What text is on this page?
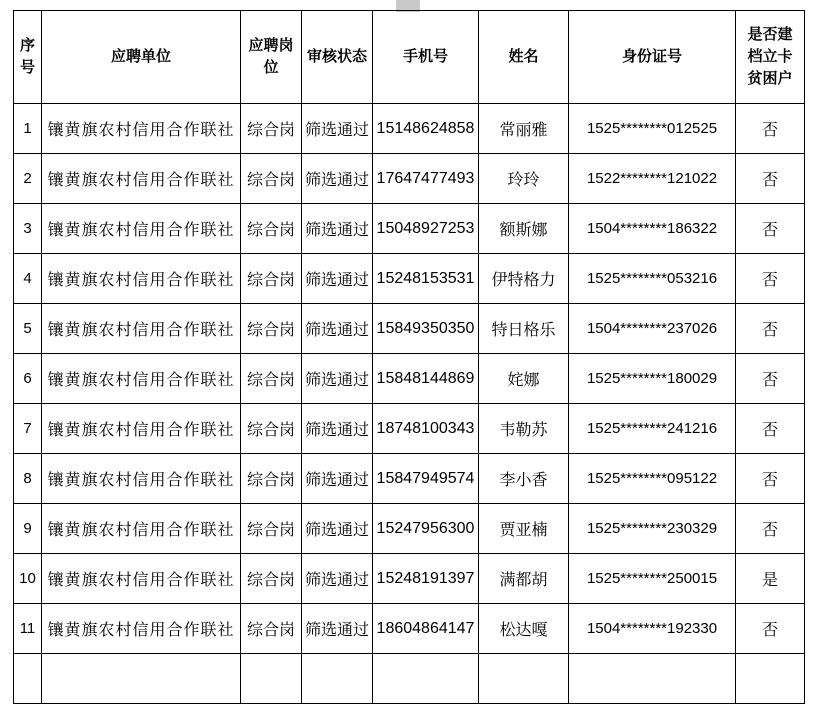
序号	应聘单位	应聘岗位	审核状态	手机号	姓名	身份证号	是否建档立卡贫困户
1	镶黄旗农村信用合作联社	综合岗	筛选通过	15148624858	常丽雅	1525********012525	否
2	镶黄旗农村信用合作联社	综合岗	筛选通过	17647477493	玲玲	1522********121022	否
3	镶黄旗农村信用合作联社	综合岗	筛选通过	15048927253	额斯娜	1504********186322	否
4	镶黄旗农村信用合作联社	综合岗	筛选通过	15248153531	伊特格力	1525********053216	否
5	镶黄旗农村信用合作联社	综合岗	筛选通过	15849350350	特日格乐	1504********237026	否
6	镶黄旗农村信用合作联社	综合岗	筛选通过	15848144869	姹娜	1525********180029	否
7	镶黄旗农村信用合作联社	综合岗	筛选通过	18748100343	韦勒苏	1525********241216	否
8	镶黄旗农村信用合作联社	综合岗	筛选通过	15847949574	李小香	1525********095122	否
9	镶黄旗农村信用合作联社	综合岗	筛选通过	15247956300	贾亚楠	1525********230329	否
10	镶黄旗农村信用合作联社	综合岗	筛选通过	15248191397	满都胡	1525********250015	是
11	镶黄旗农村信用合作联社	综合岗	筛选通过	18604864147	松达嘎	1504********192330	否
